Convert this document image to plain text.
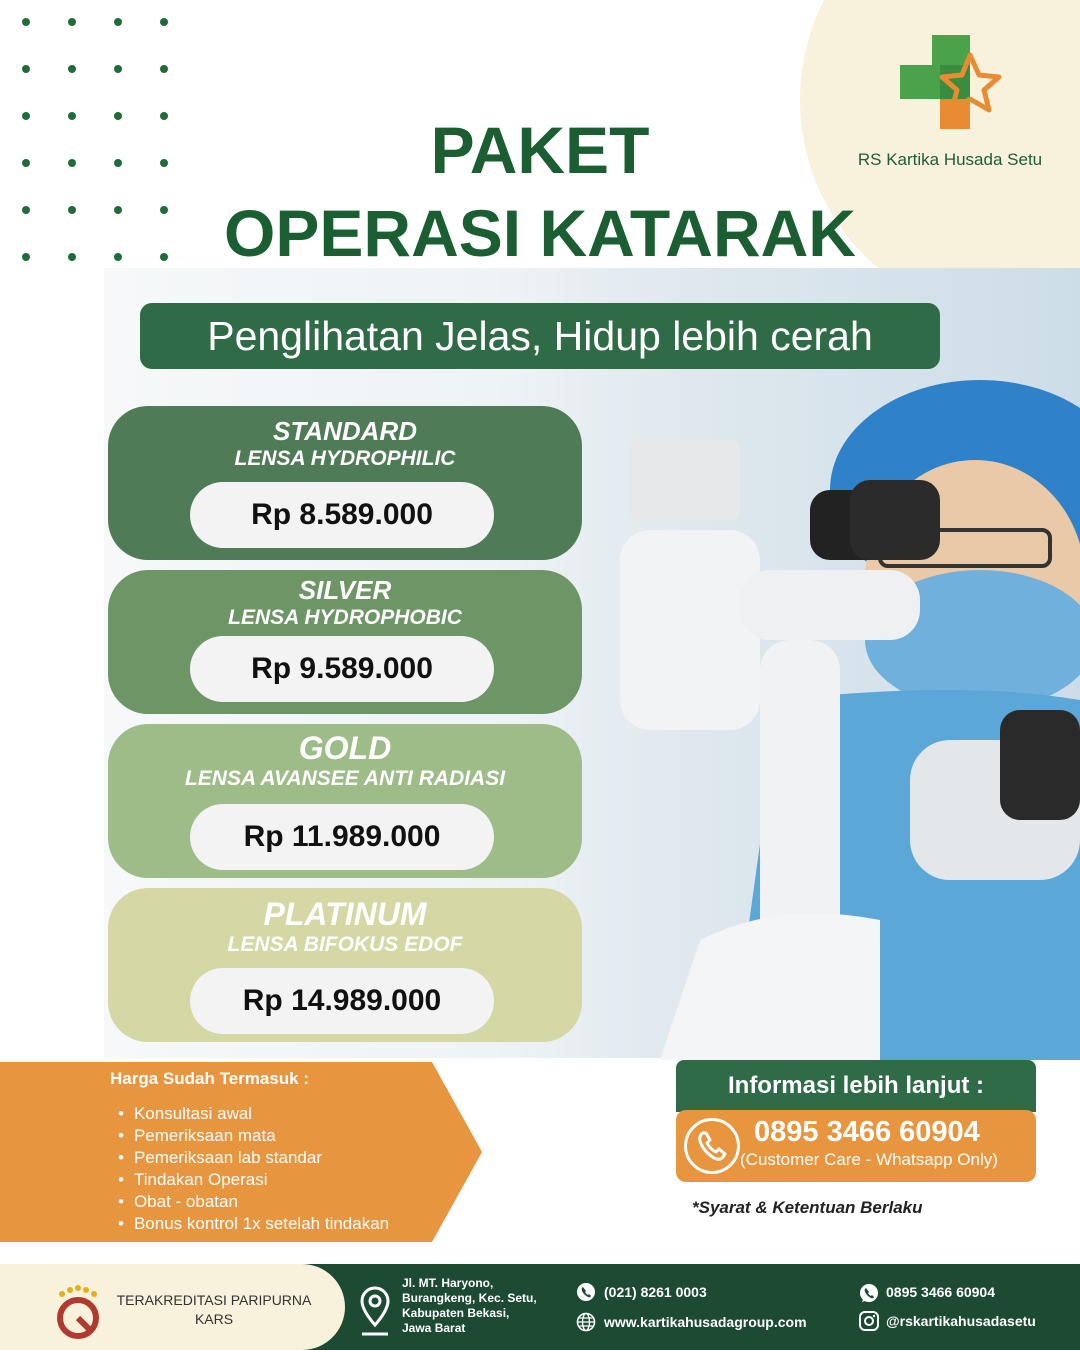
RS Kartika Husada Setu
PAKET
OPERASI KATARAK
Penglihatan Jelas, Hidup lebih cerah
STANDARD
LENSA HYDROPHILIC
Rp 8.589.000
SILVER
LENSA HYDROPHOBIC
Rp 9.589.000
GOLD
LENSA AVANSEE ANTI RADIASI
Rp 11.989.000
PLATINUM
LENSA BIFOKUS EDOF
Rp 14.989.000
Harga Sudah Termasuk :
• Konsultasi awal
• Pemeriksaan mata
• Pemeriksaan lab standar
• Tindakan Operasi
• Obat - obatan
• Bonus kontrol 1x setelah tindakan
Informasi lebih lanjut :
0895 3466 60904
(Customer Care - Whatsapp Only)
*Syarat & Ketentuan Berlaku
TERAKREDITASI PARIPURNA
KARS
Jl. MT. Haryono,
Burangkeng, Kec. Setu,
Kabupaten Bekasi,
Jawa Barat
(021) 8261 0003
www.kartikahusadagroup.com
0895 3466 60904
@rskartikahusadasetu
